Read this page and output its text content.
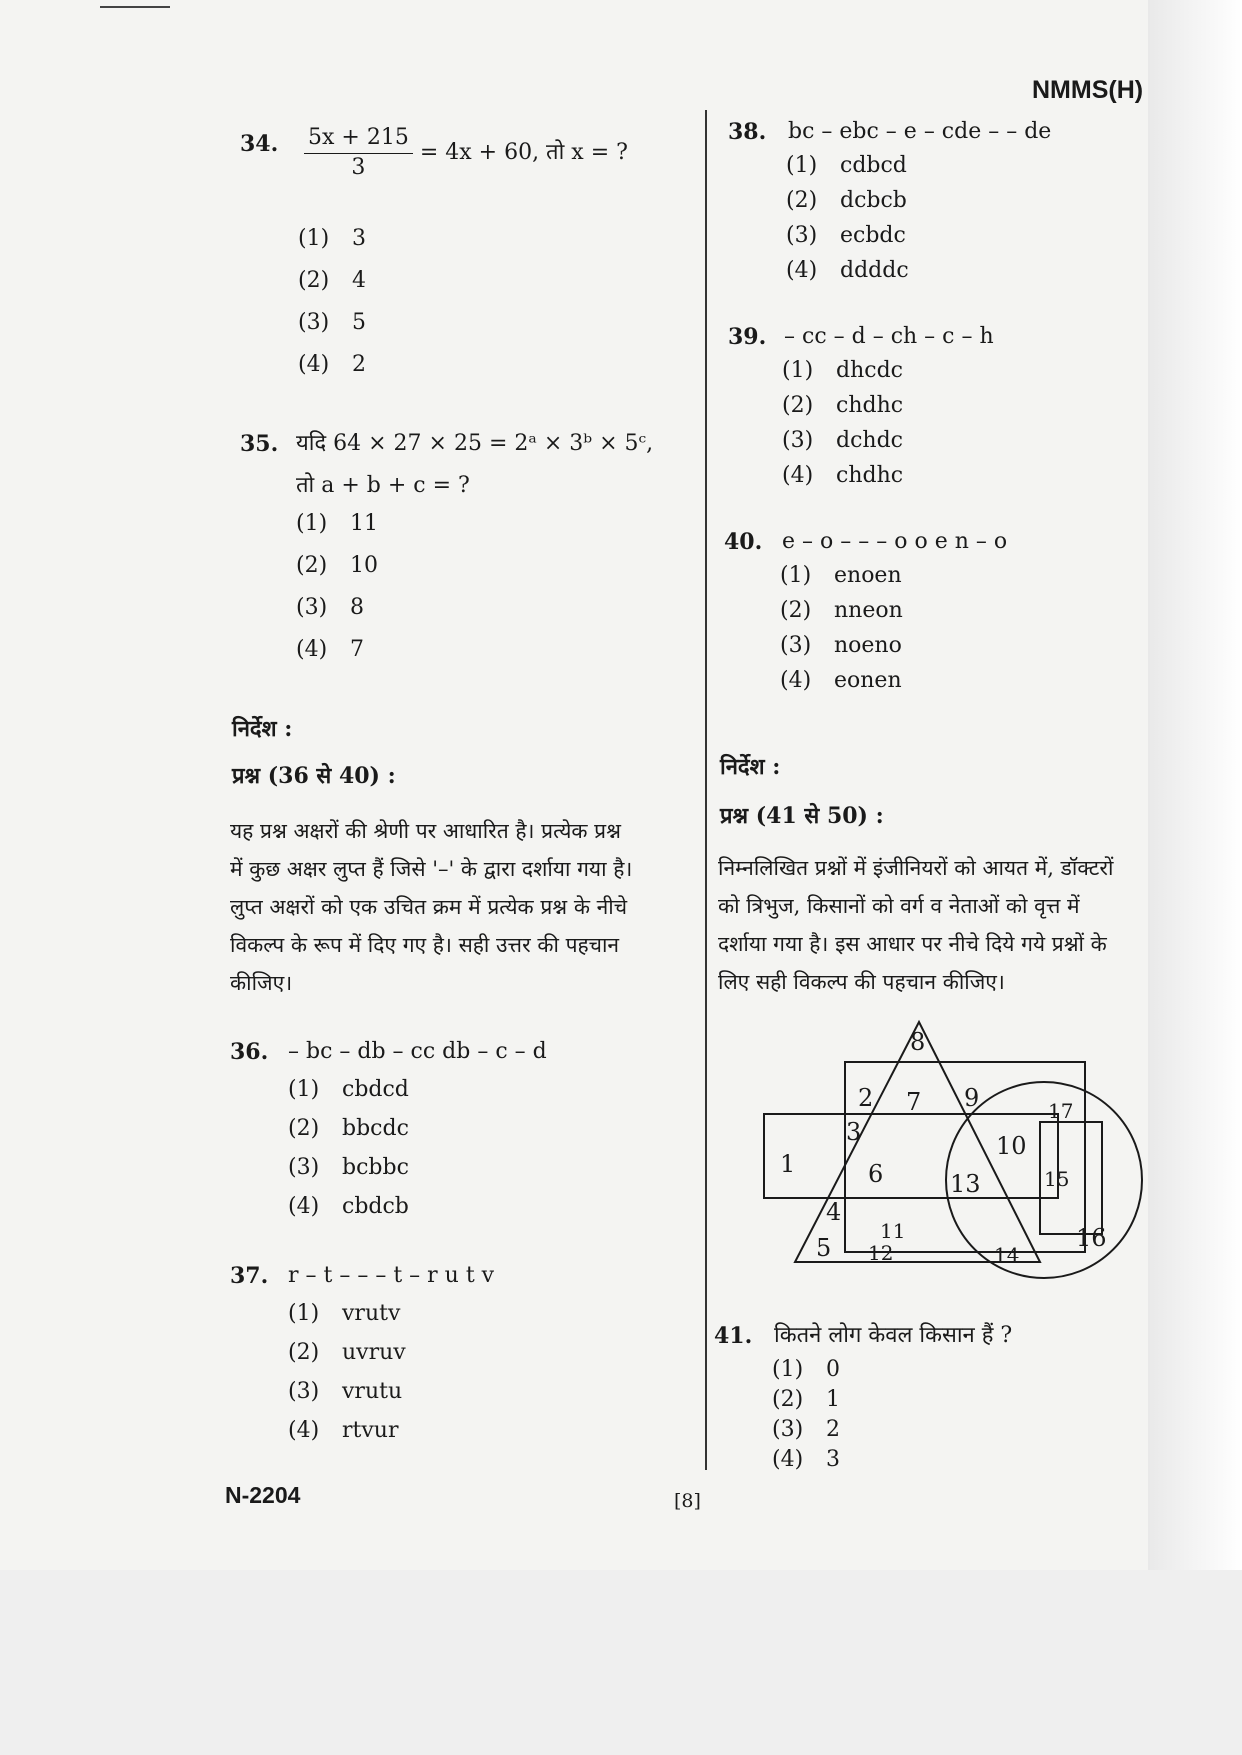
NMMS(H)
34. $\frac{5x + 215}{3} = 4x + 60$, तो x = ?
(1) 3
(2) 4
(3) 5
(4) 2
35. यदि 64 × 27 × 25 = 2ᵃ × 3ᵇ × 5ᶜ,
तो a + b + c = ?
(1) 11
(2) 10
(3) 8
(4) 7
निर्देश :
प्रश्न (36 से 40) :
यह प्रश्न अक्षरों की श्रेणी पर आधारित है। प्रत्येक प्रश्न
में कुछ अक्षर लुप्त हैं जिसे '–' के द्वारा दर्शाया गया है।
लुप्त अक्षरों को एक उचित क्रम में प्रत्येक प्रश्न के नीचे
विकल्प के रूप में दिए गए है। सही उत्तर की पहचान
कीजिए।
36. – bc – db – cc db – c – d
(1) cbdcd
(2) bbcdc
(3) bcbbc
(4) cbdcb
37. r – t – – – t – r u t v
(1) vrutv
(2) uvruv
(3) vrutu
(4) rtvur
38. bc – ebc – e – cde – – de
(1) cdbcd
(2) dcbcb
(3) ecbdc
(4) ddddc
39. – cc – d – ch – c – h
(1) dhcdc
(2) chdhc
(3) dchdc
(4) chdhc
40. e – o – – – o o e n – o
(1) enoen
(2) nneon
(3) noeno
(4) eonen
निर्देश :
प्रश्न (41 से 50) :
निम्नलिखित प्रश्नों में इंजीनियरों को आयत में, डॉक्टरों
को त्रिभुज, किसानों को वर्ग व नेताओं को वृत्त में
दर्शाया गया है। इस आधार पर नीचे दिये गये प्रश्नों के
लिए सही विकल्प की पहचान कीजिए।
1
2
3
4
5
6
7
8
9
10
11
12
13
14
15
16
17
41. कितने लोग केवल किसान हैं ?
(1) 0
(2) 1
(3) 2
(4) 3
N-2204	[8]
